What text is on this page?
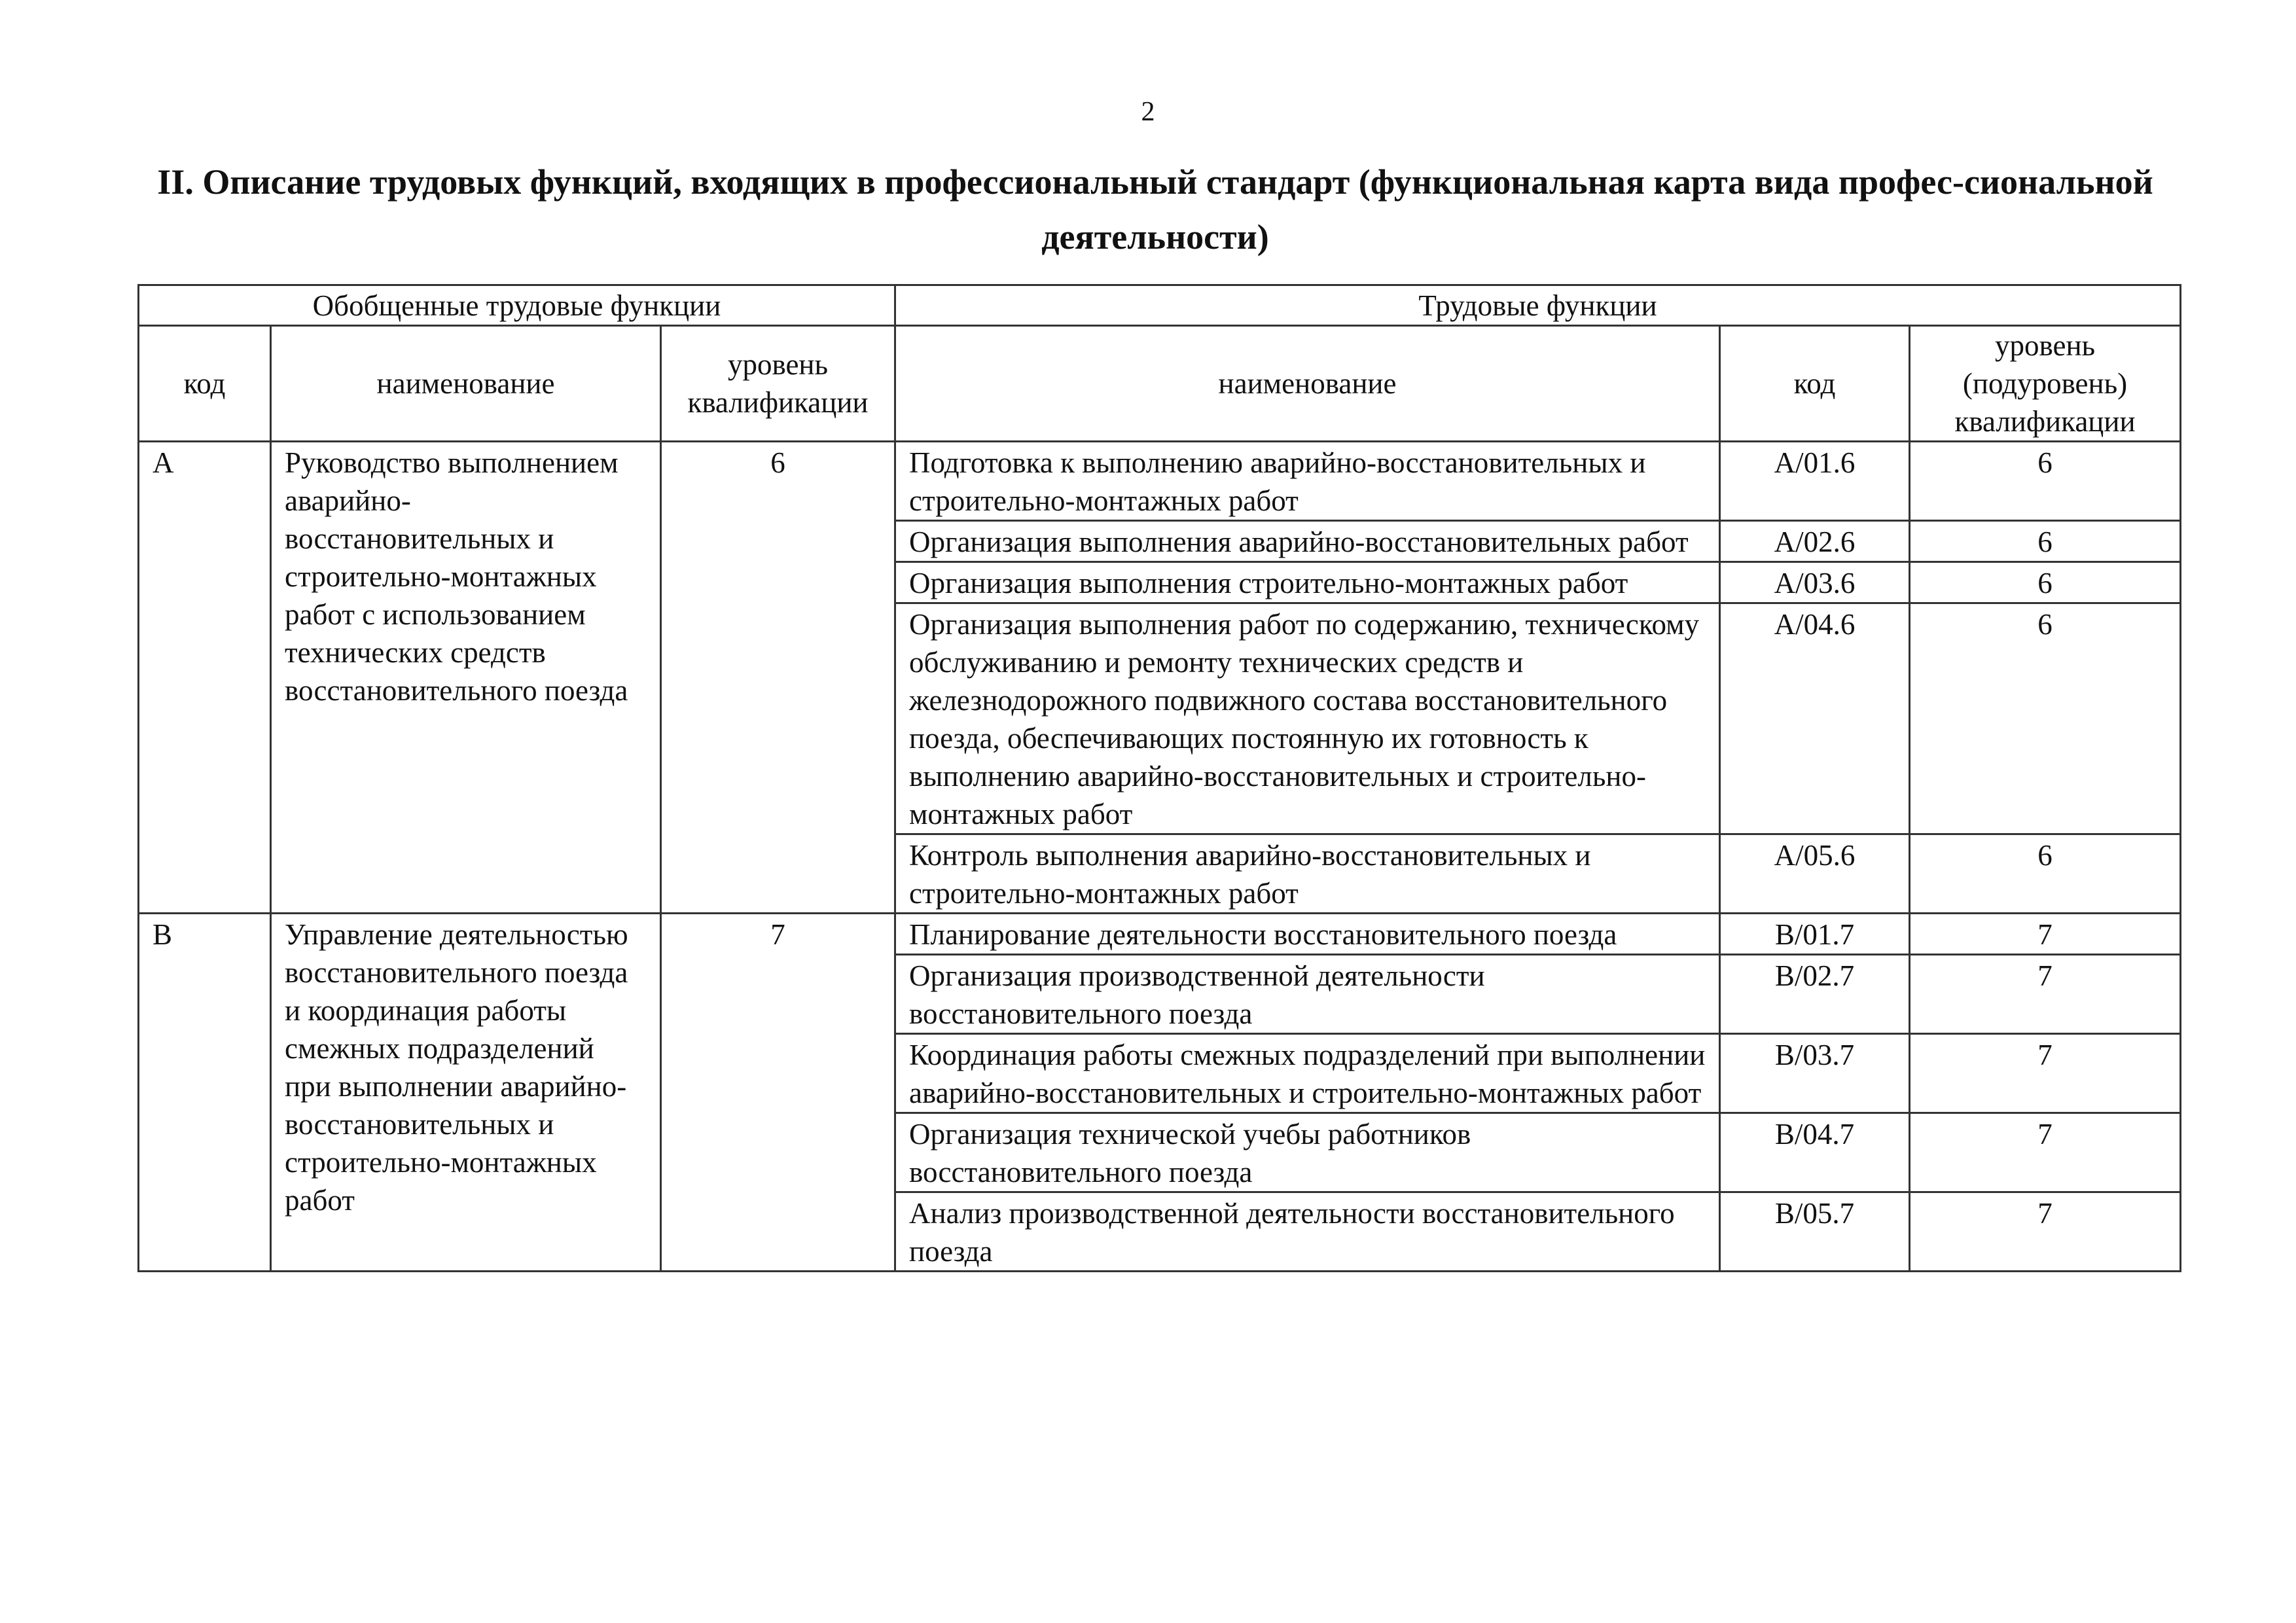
2
II. Описание трудовых функций, входящих в профессиональный стандарт (функциональная карта вида профес-сиональной деятельности)
Обобщенные трудовые функции			Трудовые функции		
код	наименование	уровень квалификации	наименование	код	уровень (подуровень) квалификации
A	Руководство выполнением аварийно-восстановительных и строительно-монтажных работ с использованием технических средств восстановительного поезда	6	Подготовка к выполнению аварийно-восстановительных и строительно-монтажных работ	A/01.6	6
			Организация выполнения аварийно-восстановительных работ	A/02.6	6
			Организация выполнения строительно-монтажных работ	A/03.6	6
			Организация выполнения работ по содержанию, техническому обслуживанию и ремонту технических средств и железнодорожного подвижного состава восстановительного поезда, обеспечивающих постоянную их готовность к выполнению аварийно-восстановительных и строительно-монтажных работ	A/04.6	6
			Контроль выполнения аварийно-восстановительных и строительно-монтажных работ	A/05.6	6
B	Управление деятельностью восстановительного поезда и координация работы смежных подразделений при выполнении аварийно-восстановительных и строительно-монтажных работ	7	Планирование деятельности восстановительного поезда	B/01.7	7
			Организация производственной деятельности восстановительного поезда	B/02.7	7
			Координация работы смежных подразделений при выполнении аварийно-восстановительных и строительно-монтажных работ	B/03.7	7
			Организация технической учебы работников восстановительного поезда	B/04.7	7
			Анализ производственной деятельности восстановительного поезда	B/05.7	7
